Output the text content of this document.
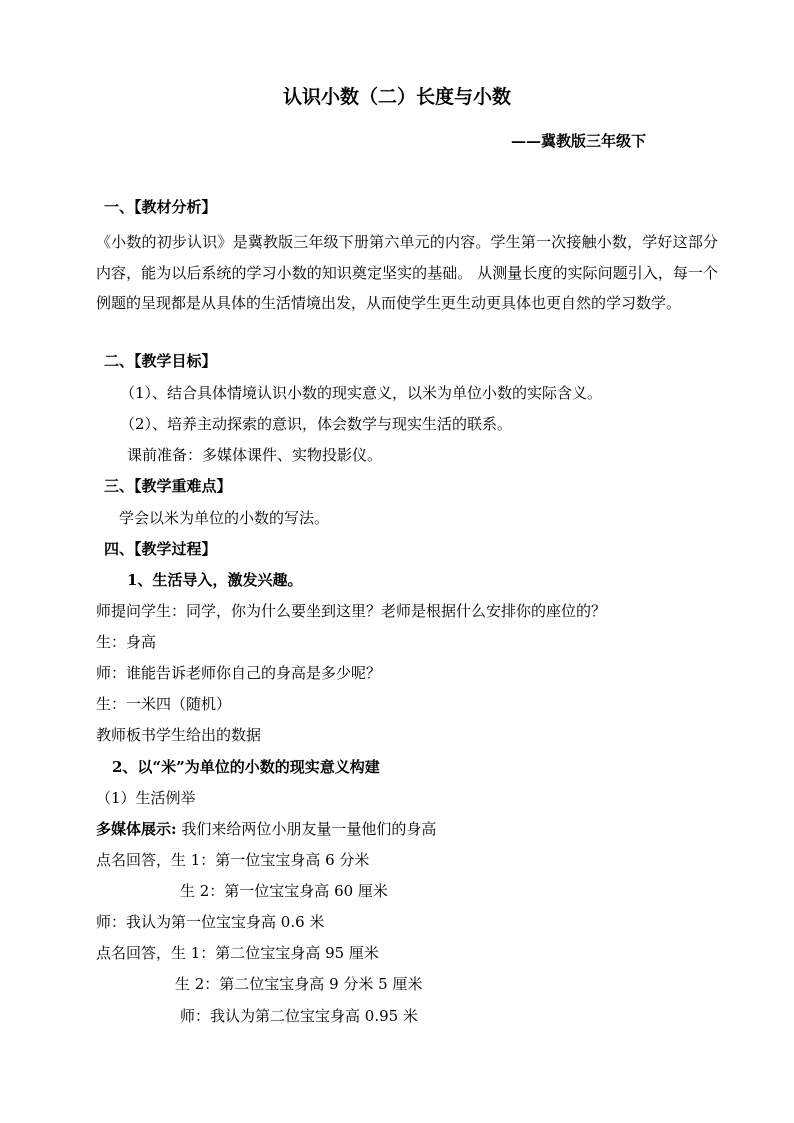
认识小数（二）长度与小数
——冀教版三年级下
一、【教材分析】
《小数的初步认识》是冀教版三年级下册第六单元的内容。学生第一次接触小数，学好这部分内容，能为以后系统的学习小数的知识奠定坚实的基础。 从测量长度的实际问题引入，每一个例题的呈现都是从具体的生活情境出发，从而使学生更生动更具体也更自然的学习数学。
二、【教学目标】
（1）、结合具体情境认识小数的现实意义，以米为单位小数的实际含义。
（2）、培养主动探索的意识，体会数学与现实生活的联系。
课前准备：多媒体课件、实物投影仪。
三、【教学重难点】
学会以米为单位的小数的写法。
四、【教学过程】
1、生活导入，激发兴趣。
师提问学生：同学，你为什么要坐到这里？老师是根据什么安排你的座位的？
生：身高
师：谁能告诉老师你自己的身高是多少呢？
生：一米四（随机）
教师板书学生给出的数据
2、以“米”为单位的小数的现实意义构建
（1）生活例举
多媒体展示: 我们来给两位小朋友量一量他们的身高
点名回答，生 1：第一位宝宝身高 6 分米
生 2：第一位宝宝身高 60 厘米
师：我认为第一位宝宝身高 0.6 米
点名回答，生 1：第二位宝宝身高 95 厘米
生 2：第二位宝宝身高 9 分米 5 厘米
师：我认为第二位宝宝身高 0.95 米
